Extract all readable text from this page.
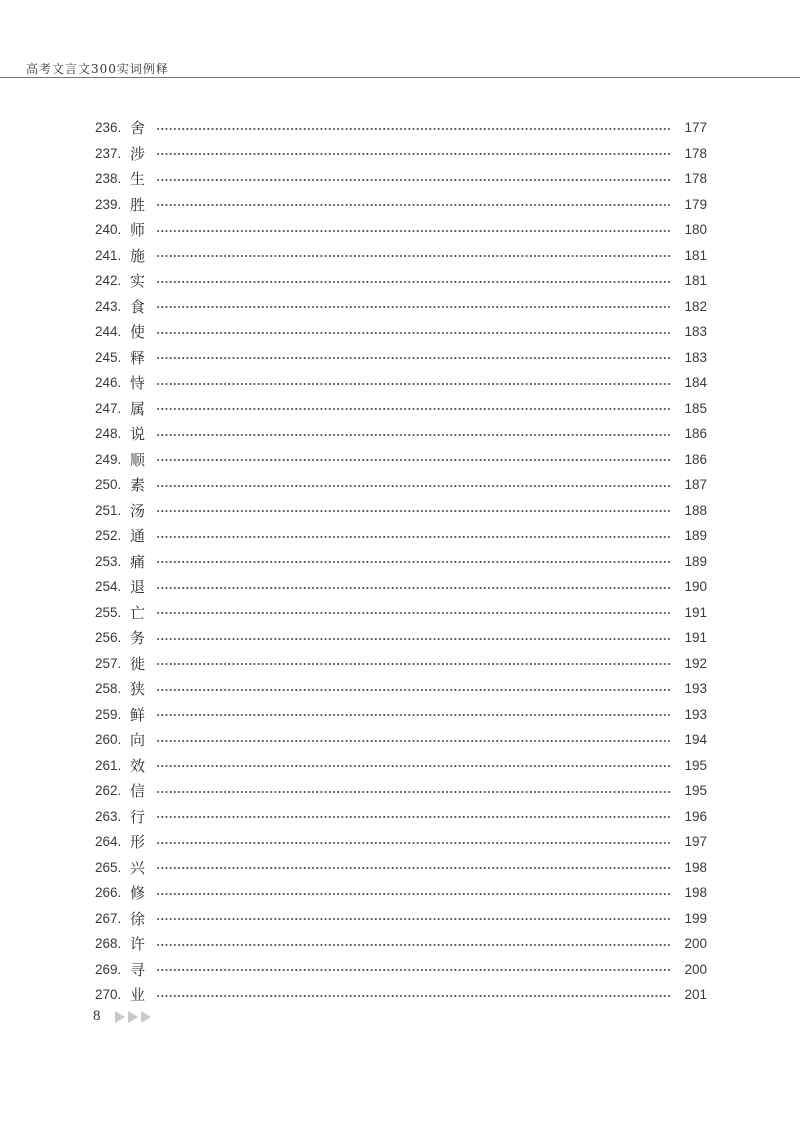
高考文言文300实词例释
236. 舍	177
237. 涉	178
238. 生	178
239. 胜	179
240. 师	180
241. 施	181
242. 实	181
243. 食	182
244. 使	183
245. 释	183
246. 恃	184
247. 属	185
248. 说	186
249. 顺	186
250. 素	187
251. 汤	188
252. 通	189
253. 痛	189
254. 退	190
255. 亡	191
256. 务	191
257. 徙	192
258. 狭	193
259. 鲜	193
260. 向	194
261. 效	195
262. 信	195
263. 行	196
264. 形	197
265. 兴	198
266. 修	198
267. 徐	199
268. 许	200
269. 寻	200
270. 业	201
8
